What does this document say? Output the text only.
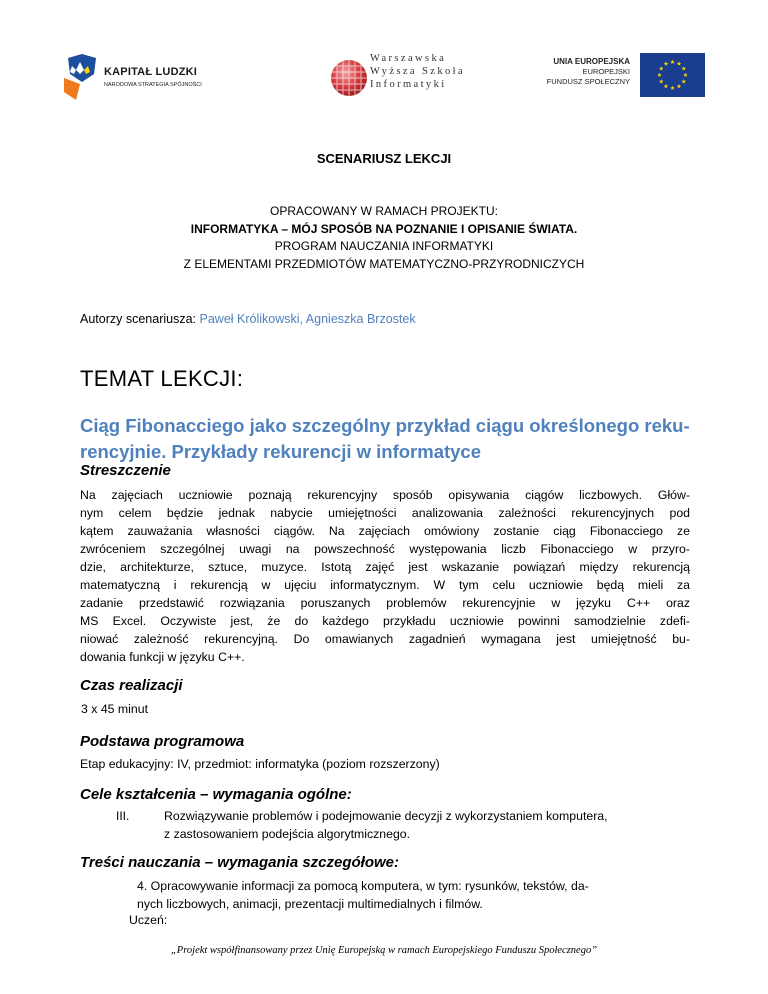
KAPITAŁ LUDZKI
NARODOWA STRATEGIA SPÓJNOŚCI
Warszawska
Wyższa Szkoła
Informatyki
UNIA EUROPEJSKA
EUROPEJSKI
FUNDUSZ SPOŁECZNY
SCENARIUSZ LEKCJI
OPRACOWANY W RAMACH PROJEKTU:
INFORMATYKA – MÓJ SPOSÓB NA POZNANIE I OPISANIE ŚWIATA.
PROGRAM NAUCZANIA INFORMATYKI
Z ELEMENTAMI PRZEDMIOTÓW MATEMATYCZNO-PRZYRODNICZYCH
Autorzy scenariusza: Paweł Królikowski, Agnieszka Brzostek
TEMAT LEKCJI:
Ciąg Fibonacciego jako szczególny przykład ciągu określonego reku-
rencyjnie. Przykłady rekurencji w informatyce
Streszczenie
Na zajęciach uczniowie poznają rekurencyjny sposób opisywania ciągów liczbowych. Głów-
nym celem będzie jednak nabycie umiejętności analizowania zależności rekurencyjnych pod
kątem zauważania własności ciągów. Na zajęciach omówiony zostanie ciąg Fibonacciego ze
zwróceniem szczególnej uwagi na powszechność występowania liczb Fibonacciego w przyro-
dzie, architekturze, sztuce, muzyce. Istotą zajęć jest wskazanie powiązań między rekurencją
matematyczną i rekurencją w ujęciu informatycznym. W tym celu uczniowie będą mieli za
zadanie przedstawić rozwiązania poruszanych problemów rekurencyjnie w języku C++ oraz
MS Excel. Oczywiste jest, że do każdego przykładu uczniowie powinni samodzielnie zdefi-
niować zależność rekurencyjną. Do omawianych zagadnień wymagana jest umiejętność bu-
dowania funkcji w języku C++.
Czas realizacji
3 x 45 minut
Podstawa programowa
Etap edukacyjny: IV, przedmiot: informatyka (poziom rozszerzony)
Cele kształcenia – wymagania ogólne:
III.	Rozwiązywanie problemów i podejmowanie decyzji z wykorzystaniem komputera,
z zastosowaniem podejścia algorytmicznego.
Treści nauczania – wymagania szczegółowe:
4. Opracowywanie informacji za pomocą komputera, w tym: rysunków, tekstów, da-
nych liczbowych, animacji, prezentacji multimedialnych i filmów.
Uczeń:
„Projekt współfinansowany przez Unię Europejską w ramach Europejskiego Funduszu Społecznego”
